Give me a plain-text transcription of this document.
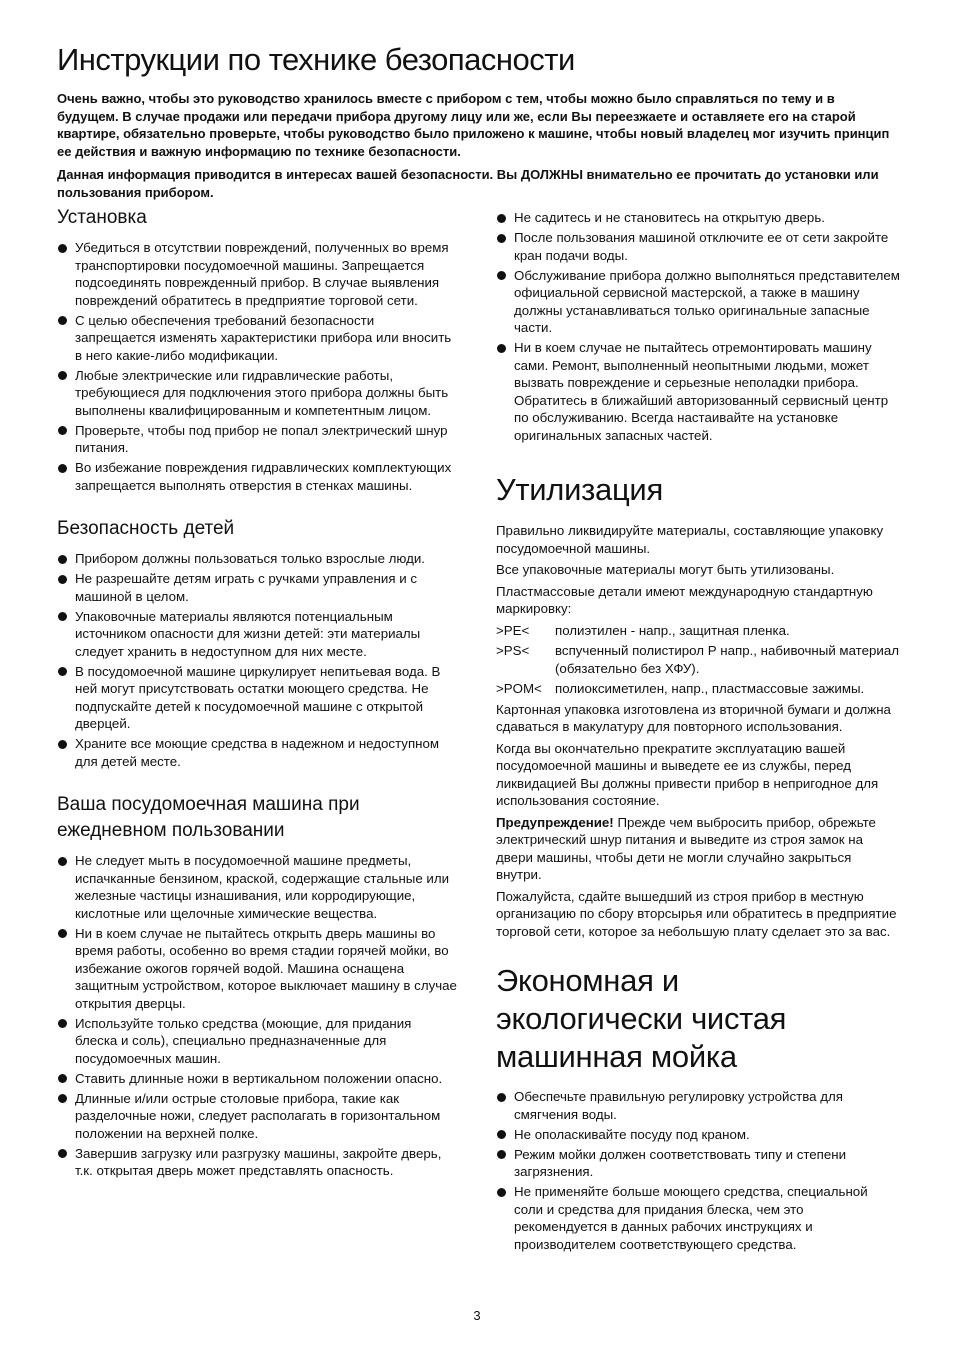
Инструкции по технике безопасности

Очень важно, чтобы это руководство хранилось вместе с прибором с тем, чтобы можно было справляться по тему и в будущем. В случае продажи или передачи прибора другому лицу или же, если Вы переезжаете и оставляете его на старой квартире, обязательно проверьте, чтобы руководство было приложено к машине, чтобы новый владелец мог изучить принцип ее действия и важную информацию по технике безопасности.

Данная информация приводится в интересах вашей безопасности. Вы ДОЛЖНЫ внимательно ее прочитать до установки или пользования прибором.

Установка
Убедиться в отсутствии повреждений, полученных во время транспортировки посудомоечной машины. Запрещается подсоединять поврежденный прибор. В случае выявления повреждений обратитесь в предприятие торговой сети.
С целью обеспечения требований безопасности запрещается изменять характеристики прибора или вносить в него какие-либо модификации.
Любые электрические или гидравлические работы, требующиеся для подключения этого прибора должны быть выполнены квалифицированным и компетентным лицом.
Проверьте, чтобы под прибор не попал электрический шнур питания.
Во избежание повреждения гидравлических комплектующих запрещается выполнять отверстия в стенках машины.
Безопасность детей
Прибором должны пользоваться только взрослые люди.
Не разрешайте детям играть с ручками управления и с машиной в целом.
Упаковочные материалы являются потенциальным источником опасности для жизни детей: эти материалы следует хранить в недоступном для них месте.
В посудомоечной машине циркулирует непитьевая вода. В ней могут присутствовать остатки моющего средства. Не подпускайте детей к посудомоечной машине с открытой дверцей.
Храните все моющие средства в надежном и недоступном для детей месте.
Ваша посудомоечная машина при ежедневном пользовании
Не следует мыть в посудомоечной машине предметы, испачканные бензином, краской, содержащие стальные или железные частицы изнашивания, или корродирующие, кислотные или щелочные химические вещества.
Ни в коем случае не пытайтесь открыть дверь машины во время работы, особенно во время стадии горячей мойки, во избежание ожогов горячей водой. Машина оснащена защитным устройством, которое выключает машину в случае открытия дверцы.
Используйте только средства (моющие, для придания блеска и соль), специально предназначенные для посудомоечных машин.
Ставить длинные ножи в вертикальном положении опасно.
Длинные и/или острые столовые прибора, такие как разделочные ножи, следует располагать в горизонтальном положении на верхней полке.
Завершив загрузку или разгрузку машины, закройте дверь, т.к. открытая дверь может представлять опасность.
Не садитесь и не становитесь на открытую дверь.
После пользования машиной отключите ее от сети закройте кран подачи воды.
Обслуживание прибора должно выполняться представителем официальной сервисной мастерской, а также в машину должны устанавливаться только оригинальные запасные части.
Ни в коем случае не пытайтесь отремонтировать машину сами. Ремонт, выполненный неопытными людьми, может вызвать повреждение и серьезные неполадки прибора. Обратитесь в ближайший авторизованный сервисный центр по обслуживанию. Всегда настаивайте на установке оригинальных запасных частей.
Утилизация

Правильно ликвидируйте материалы, составляющие упаковку посудомоечной машины.

Все упаковочные материалы могут быть утилизованы.

Пластмассовые детали имеют международную стандартную маркировку:

>PE<	полиэтилен - напр., защитная пленка.
>PS<	вспученный полистирол Р напр., набивочный материал (обязательно без ХФУ).
>POM< полиоксиметилен, напр., пластмассовые зажимы.

Картонная упаковка изготовлена из вторичной бумаги и должна сдаваться в макулатуру для повторного использования.

Когда вы окончательно прекратите эксплуатацию вашей посудомоечной машины и выведете ее из службы, перед ликвидацией Вы должны привести прибор в непригодное для использования состояние.

Предупреждение! Прежде чем выбросить прибор, обрежьте электрический шнур питания и выведите из строя замок на двери машины, чтобы дети не могли случайно закрыться внутри.

Пожалуйста, сдайте вышедший из строя прибор в местную организацию по сбору вторсырья или обратитесь в предприятие торговой сети, которое за небольшую плату сделает это за вас.

Экономная и экологически чистая машинная мойка
Обеспечьте правильную регулировку устройства для смягчения воды.
Не ополаскивайте посуду под краном.
Режим мойки должен соответствовать типу и степени загрязнения.
Не применяйте больше моющего средства, специальной соли и средства для придания блеска, чем это рекомендуется в данных рабочих инструкциях и производителем соответствующего средства.
3
